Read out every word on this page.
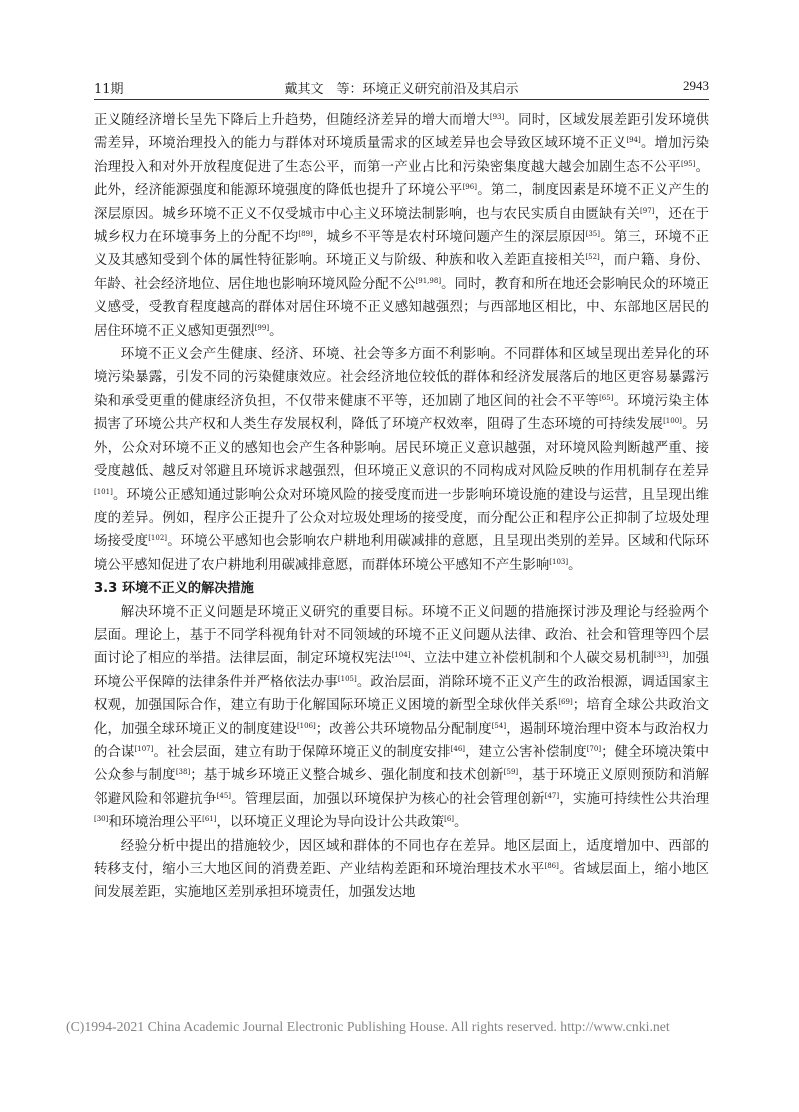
11期	戴其文　等：环境正义研究前沿及其启示	2943

正义随经济增长呈先下降后上升趋势，但随经济差异的增大而增大[93]。同时，区域发展差距引发环境供需差异，环境治理投入的能力与群体对环境质量需求的区域差异也会导致区域环境不正义[94]。增加污染治理投入和对外开放程度促进了生态公平，而第一产业占比和污染密集度越大越会加剧生态不公平[95]。此外，经济能源强度和能源环境强度的降低也提升了环境公平[96]。第二，制度因素是环境不正义产生的深层原因。城乡环境不正义不仅受城市中心主义环境法制影响，也与农民实质自由匮缺有关[97]，还在于城乡权力在环境事务上的分配不均[89]，城乡不平等是农村环境问题产生的深层原因[35]。第三，环境不正义及其感知受到个体的属性特征影响。环境正义与阶级、种族和收入差距直接相关[52]，而户籍、身份、年龄、社会经济地位、居住地也影响环境风险分配不公[91,98]。同时，教育和所在地还会影响民众的环境正义感受，受教育程度越高的群体对居住环境不正义感知越强烈；与西部地区相比，中、东部地区居民的居住环境不正义感知更强烈[99]。

环境不正义会产生健康、经济、环境、社会等多方面不利影响。不同群体和区域呈现出差异化的环境污染暴露，引发不同的污染健康效应。社会经济地位较低的群体和经济发展落后的地区更容易暴露污染和承受更重的健康经济负担，不仅带来健康不平等，还加剧了地区间的社会不平等[65]。环境污染主体损害了环境公共产权和人类生存发展权利，降低了环境产权效率，阻碍了生态环境的可持续发展[100]。另外，公众对环境不正义的感知也会产生各种影响。居民环境正义意识越强，对环境风险判断越严重、接受度越低、越反对邻避且环境诉求越强烈，但环境正义意识的不同构成对风险反映的作用机制存在差异[101]。环境公正感知通过影响公众对环境风险的接受度而进一步影响环境设施的建设与运营，且呈现出维度的差异。例如，程序公正提升了公众对垃圾处理场的接受度，而分配公正和程序公正抑制了垃圾处理场接受度[102]。环境公平感知也会影响农户耕地利用碳减排的意愿，且呈现出类别的差异。区域和代际环境公平感知促进了农户耕地利用碳减排意愿，而群体环境公平感知不产生影响[103]。

3.3 环境不正义的解决措施

解决环境不正义问题是环境正义研究的重要目标。环境不正义问题的措施探讨涉及理论与经验两个层面。理论上，基于不同学科视角针对不同领域的环境不正义问题从法律、政治、社会和管理等四个层面讨论了相应的举措。法律层面，制定环境权宪法[104]、立法中建立补偿机制和个人碳交易机制[33]，加强环境公平保障的法律条件并严格依法办事[105]。政治层面，消除环境不正义产生的政治根源，调适国家主权观，加强国际合作，建立有助于化解国际环境正义困境的新型全球伙伴关系[69]；培育全球公共政治文化，加强全球环境正义的制度建设[106]；改善公共环境物品分配制度[54]，遏制环境治理中资本与政治权力的合谋[107]。社会层面，建立有助于保障环境正义的制度安排[46]，建立公害补偿制度[70]；健全环境决策中公众参与制度[38]；基于城乡环境正义整合城乡、强化制度和技术创新[59]，基于环境正义原则预防和消解邻避风险和邻避抗争[45]。管理层面，加强以环境保护为核心的社会管理创新[47]，实施可持续性公共治理[30]和环境治理公平[61]，以环境正义理论为导向设计公共政策[6]。

经验分析中提出的措施较少，因区域和群体的不同也存在差异。地区层面上，适度增加中、西部的转移支付，缩小三大地区间的消费差距、产业结构差距和环境治理技术水平[86]。省域层面上，缩小地区间发展差距，实施地区差别承担环境责任，加强发达地

(C)1994-2021 China Academic Journal Electronic Publishing House. All rights reserved. http://www.cnki.net
